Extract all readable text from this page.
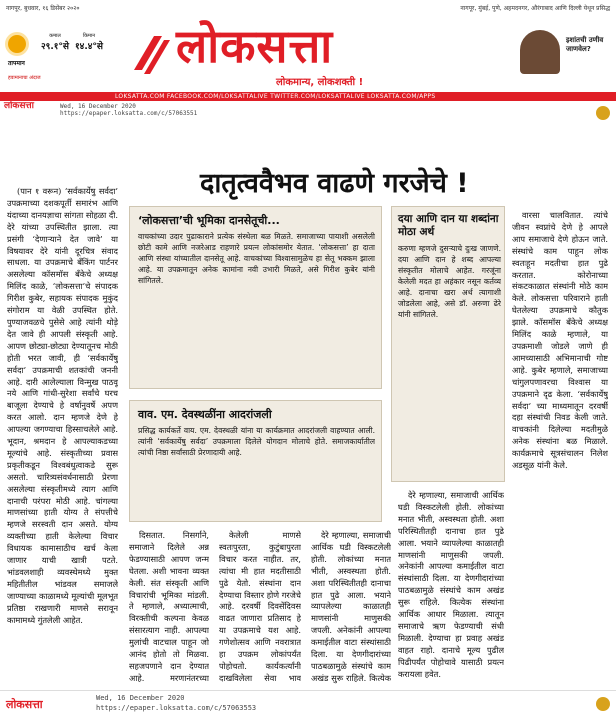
नागपूर, बुधवार, १६ डिसेंबर २०२०	नागपूर, मुंबई, पुणे, अहमदनगर, औरंगाबाद आणि दिल्ली येथून प्रसिद्ध
तापमान
कमाल
२९.१°से
किमान
१४.४°से
हवामानाचा अंदाज
लोकसत्ता
लोकमान्य, लोकशक्ती !
इशांतची उणीव जाणवेल?
LOKSATTA.COM FACEBOOK.COM/LOKSATTALIVE TWITTER.COM/LOKSATTALIVE LOKSATTA.COM/APPS
लोकसत्ता	Wed, 16 December 2020
https://epaper.loksatta.com/c/57063551
दातृत्ववैभव वाढणे गरजेचे !

(पान १ वरून) ‘सर्वकार्येषु सर्वदा’ उपक्रमाच्या दशकपूर्ती समारंभ आणि यंदाच्या दानयज्ञाचा सांगता सोहळा दी. देरे यांच्या उपस्थितीत झाला. त्या प्रसंगी ‘देणाऱ्याने देत जावे’ या विषयावर देरे यांनी दूरचित्र संवाद साधला. या उपक्रमाचे बँकिंग पार्टनर असलेल्या कॉसमॉस बँकेचे अध्यक्ष मिलिंद काळे, ‘लोकसत्ता’चे संपादक गिरीश कुबेर, सहायक संपादक मुकुंद संगोराम या वेळी उपस्थित होते. पुण्याजवळचे पुसेसे आहे त्यांनी थोड़े देत जावे ही आपली संस्कृती आहे. आपण छोट्या-छोट्या देण्यातूनच मोठी होती भरत जावी, ही ‘सर्वकार्येषु सर्वदा’ उपक्रमाची शतकांची जननी आहे. दारी आलेल्याला विन्मुख पाठवू नये आणि गांधी-सुरेशा सर्वांचे घरच बाजूला देण्याचे हे वर्षानुवर्षे अपण करत आलो. दान म्हणजे देणे हे आपल्या जगण्याचा हिस्साचलेले आहे. भूदान, श्रमदान हे आपल्याकडच्या मूल्यांचे आहे. संस्कृतीच्या प्रवास प्रकृतीकडून विश्वबंधुत्वाकडे सुरू असतो. चारित्र्यसंवर्धनासाठी प्रेरणा असलेल्या संस्कृतीमध्ये त्याग आणि दानाची परंपरा मोठी आहे. चांगल्या माणसांच्या हाती योग्य ते संपत्तीचे म्हणजे सरस्वती दान असते. योग्य व्यक्तीच्या हाती केलेल्या विचार विधायक कामासाठीच खर्च केला जाणार याची खात्री पटते. भांडवलशाही व्यवस्थेमध्ये मुक्त महितीतील भांडवल समाजले जाण्याच्या काळामध्ये मूल्यांची मूलभूत प्रतिष्ठा राखणारी माणसे सरावून कामामध्ये गुंतलेली आहेत.

‘लोकसत्ता’ची भूमिका दानसेतूची...
वाचकांच्या उदार पुढाकाराने प्रत्येक संस्थेला बळ मिळते. समाजाच्या पायाशी असलेली छोटी कामे आणि नजरेआड राहणारे प्रयत्न लोकांसमोर येतात. ‘लोकसत्ता’ हा दाता आणि संस्था यांच्यातील दानसेतू आहे. वाचकांच्या विश्वासामुळेच हा सेतू भक्कम झाला आहे. या उपक्रमातून अनेक कामांना नवी उभारी मिळते, असे गिरीश कुबेर यांनी सांगितले.
वाव. एम. देवस्थळींना आदरांजली
प्रसिद्ध कार्यकर्ते वाय. एम. देवस्थळी यांना या कार्यक्रमात आदरांजली वाहण्यात आली. त्यांनी ‘सर्वकार्येषु सर्वदा’ उपक्रमाला दिलेले योगदान मोलाचे होते. समाजकार्यातील त्यांची निष्ठा सर्वांसाठी प्रेरणादायी आहे.
दया आणि दान या शब्दांना मोठा अर्थ
करुणा म्हणजे दुसऱ्याचे दुःख जाणणे. दया आणि दान हे शब्द आपल्या संस्कृतीत मोलाचे आहेत. गरजूंना केलेली मदत हा अहंकार नसून कर्तव्य आहे. दानाचा खरा अर्थ त्यागाशी जोडलेला आहे, असे डॉ. अरुणा ढेरे यांनी सांगितले.

दिसतात. निसर्गाने, समाजाने दिलेले अन्न फेडण्यासाठी आपण जन्म घेतला. अशी भावना व्यक्त केली. संत संस्कृती आणि विचारांची भूमिका मांडली. ते म्हणाले, अध्यात्माची, विरक्तीची कल्पना केवळ संसारत्याग नाही. आपल्या मुलांची वाटचाल पाहून जो आनंद होतो तो मिळवा. सहजपणाने दान देण्यात आहे. मरणानंतरच्या

केलेली माणसे स्वतःपुरता, कुटुंबापुरता विचार करत नाहीत. तर, त्यांचा मी हात मदतीसाठी पुढे येतो. संस्थांना दान देण्याचा विस्तार होणे गरजेचे आहे. दरवर्षी दिवसेंदिवस वाढत जाणारा प्रतिसाद हे या उपक्रमाचे यश आहे. गणेशोत्सव आणि नवरात्रात हा उपक्रम लोकांपर्यंत पोहोचतो. कार्यकर्त्यांनी दाखविलेला सेवा भाव

देरे म्हणाल्या, समाजाची आर्थिक घडी विस्कटलेली होती. लोकांच्या मनात भीती, अस्वस्थता होती. अशा परिस्थितीतही दानाचा हात पुढे आला. भयाने व्यापलेल्या काळातही माणसांनी माणुसकी जपली. अनेकांनी आपल्या कमाईतील वाटा संस्थांसाठी दिला. या देणगीदारांच्या पाठबळामुळे संस्थांचे काम अखंड सुरू राहिले. कित्येक

वारसा चालवितात. त्यांचे जीवन स्वप्नांचे देणे हे आपले आप समाजाचे देणे होऊन जाते. संस्थांचे काम पाहून लोक स्वतःहून मदतीचा हात पुढे करतात. कोरोनाच्या संकटकाळात संस्थांनी मोठे काम केले. लोकसत्ता परिवाराने हाती घेतलेल्या उपक्रमाचे कौतुक झाले. कॉसमॉस बँकेचे अध्यक्ष मिलिंद काळे म्हणाले, या उपक्रमाशी जोडले जाणे ही आमच्यासाठी अभिमानाची गोष्ट आहे. कुबेर म्हणाले, समाजाच्या चांगुलपणावरचा विश्वास या उपक्रमाने दृढ केला. ‘सर्वकार्येषु सर्वदा’ च्या माध्यमातून दरवर्षी दहा संस्थांची निवड केली जाते. वाचकांनी दिलेल्या मदतीमुळे अनेक संस्थांना बळ मिळाले. कार्यक्रमाचे सूत्रसंचालन निलेश अडसूळ यांनी केले.

देरे म्हणाल्या, समाजाची आर्थिक घडी विस्कटलेली होती. लोकांच्या मनात भीती, अस्वस्थता होती. अशा परिस्थितीतही दानाचा हात पुढे आला. भयाने व्यापलेल्या काळातही माणसांनी माणुसकी जपली. अनेकांनी आपल्या कमाईतील वाटा संस्थांसाठी दिला. या देणगीदारांच्या पाठबळामुळे संस्थांचे काम अखंड सुरू राहिले. कित्येक संस्थांना आर्थिक आधार मिळाला. त्यातून समाजाचे ऋण फेडण्याची संधी मिळाली. देण्याचा हा प्रवाह अखंड वाहत राहो. दानाचे मूल्य पुढील पिढीपर्यंत पोहोचावे यासाठी प्रयत्न करायला हवेत.

लोकसत्ता	Wed, 16 December 2020
https://epaper.loksatta.com/c/57063553
